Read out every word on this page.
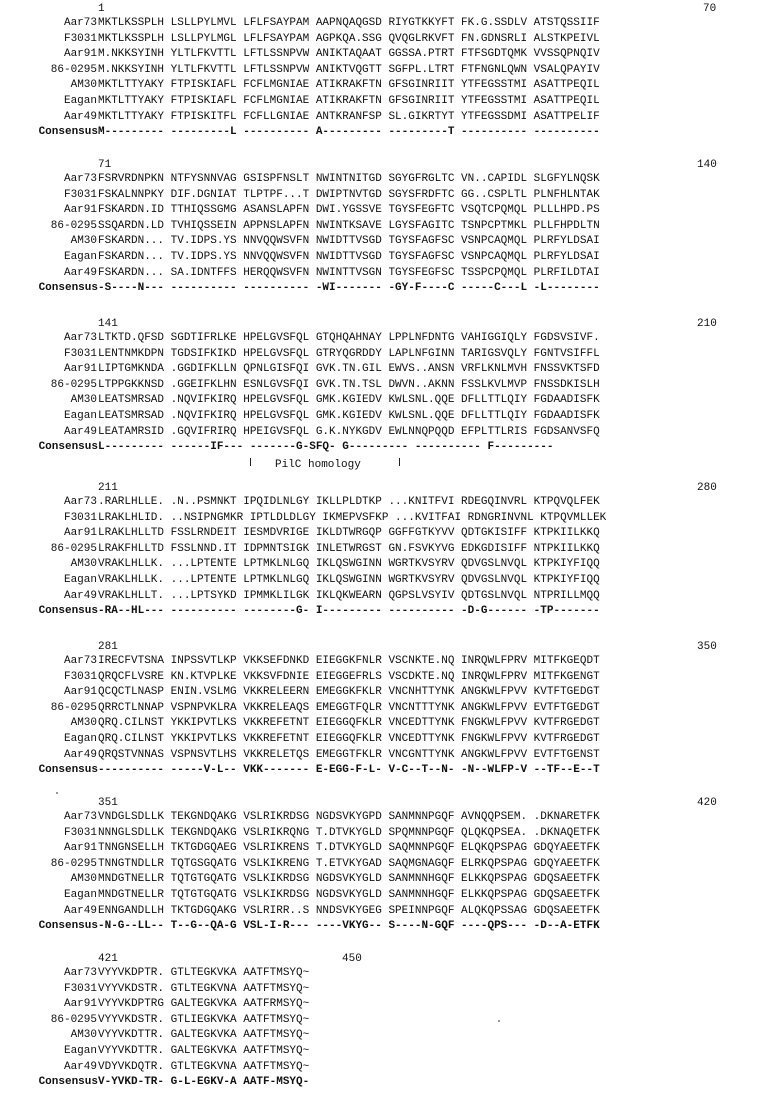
1	70
Aar73 MKTLKSSPLH LSLLPYLMVL LFLFSAYPAM AAPNQAQGSD RIYGTKKYFT FK.G.SSDLV ATSTQSSIIF
F3031 MKTLKSSPLH LSLLPYLMGL LFLFSAYPAM AGPKQA.SSG QVQGLRKVFT FN.GDNSRLI ALSTKPEIVL
Aar91 M.NKKSYINH YLTLFKVTTL LFTLSSNPVW ANIKTAQAAT GGSSA.PTRT FTFSGDTQMK VVSSQPNQIV
86-0295 M.NKKSYINH YLTLFKVTTL LFTLSSNPVW ANIKTVQGTT SGFPL.LTRT FTFNGNLQWN VSALQPAYIV
AM30 MKTLTTYAKY FTPISKIAFL FCFLMGNIAE ATIKRAKFTN GFSGINRIIT YTFEGSSTMI ASATTPEQIL
Eagan MKTLTTYAKY FTPISKIAFL FCFLMGNIAE ATIKRAKFTN GFSGINRIIT YTFEGSSTMI ASATTPEQIL
Aar49 MKTLTTYAKY FTPISKITFL FCFLLGNIAE ANTKRANFSP SL.GIKRTYT YTFEGSSDMI ASATTPELIF
Consensus M--------- ---------L ---------- A--------- ---------T ---------- ----------
71	140
Aar73 FSRVRDNPKN NTFYSNNVAG GSISPFNSLT NWINTNITGD SGYGFRGLTC VN..CAPIDL SLGFYLNQSK
F3031 FSKALNNPKY DIF.DGNIAT TLPTPF...T DWIPTNVTGD SGYSFRDFTC GG..CSPLTL PLNFHLNTAK
Aar91 FSKARDN.ID TTHIQSSGMG ASANSLAPFN DWI.YGSSVE TGYSFEGFTC VSQTCPQMQL PLLLHPD.PS
86-0295 SSQARDN.LD TVHIQSSEIN APPNSLAPFN NWINTKSAVE LGYSFAGITC TSNPCPTMKL PLLFHPDLTN
AM30 FSKARDN... TV.IDPS.YS NNVQQWSVFN NWIDTTVSGD TGYSFAGFSC VSNPCAQMQL PLRFYLDSAI
Eagan FSKARDN... TV.IDPS.YS NNVQQWSVFN NWIDTTVSGD TGYSFAGFSC VSNPCAQMQL PLRFYLDSAI
Aar49 FSKARDN... SA.IDNTFFS HERQQWSVFN NWINTTVSGN TGYSFEGFSC TSSPCPQMQL PLRFILDTAI
Consensus -S----N--- ---------- ---------- -WI------- -GY-F----C -----C---L -L--------
141	210
Aar73 LTKTD.QFSD SGDTIFRLKE HPELGVSFQL GTQHQAHNAY LPPLNFDNTG VAHIGGIQLY FGDSVSIVF.
F3031 LENTNMKDPN TGDSIFKIKD HPELGVSFQL GTRYQGRDDY LAPLNFGINN TARIGSVQLY FGNTVSIFFL
Aar91 LIPTGMKNDA .GGDIFKLLN QPNLGISFQI GVK.TN.GIL EWVS..ANSN VRFLKNLMVH FNSSVKTSFD
86-0295 LTPPGKKNSD .GGEIFKLHN ESNLGVSFQI GVK.TN.TSL DWVN..AKNN FSSLKVLMVP FNSSDKISLH
AM30 LEATSMRSAD .NQVIFKIRQ HPELGVSFQL GMK.KGIEDV KWLSNL.QQE DFLLTTLQIY FGDAADISFK
Eagan LEATSMRSAD .NQVIFKIRQ HPELGVSFQL GMK.KGIEDV KWLSNL.QQE DFLLTTLQIY FGDAADISFK
Aar49 LEATAMRSID .GQVIFRIRQ HPEIGVSFQL G.K.NYKGDV EWLNNQPQQD EFPLTTLRIS FGDSANVSFQ
Consensus L--------- ------IF--- -------G-SFQ- G--------- ---------- F---------
PilC homology
211	280
Aar73 .RARLHLLE. .N..PSMNKT IPQIDLNLGY IKLLPLDTKP ...KNITFVI RDEGQINVRL KTPQVQLFEK
F3031 LRAKLHLID. ..NSIPNGMKR IPTLDLDLGY IKMEPVSFKP ...KVITFAI RDNGRINVNL KTPQVMLLEK
Aar91 LRAKLHLLTD FSSLRNDEIT IESMDVRIGE IKLDTWRGQP GGFFGTKYVV QDTGKISIFF KTPKIILKKQ
86-0295 LRAKFHLLTD FSSLNND.IT IDPMNTSIGK INLETWRGST GN.FSVKYVG EDKGDISIFF NTPKIILKKQ
AM30 VRAKLHLLK. ...LPTENTE LPTMKLNLGQ IKLQSWGINN WGRTKVSYRV QDVGSLNVQL KTPKIYFIQQ
Eagan VRAKLHLLK. ...LPTENTE LPTMKLNLGQ IKLQSWGINN WGRTKVSYRV QDVGSLNVQL KTPKIYFIQQ
Aar49 VRAKLHLLT. ...LPTSYKD IPMMKLILGK IKLQKWEARN QGPSLVSYIV QDTGSLNVQL NTPRILLMQQ
Consensus -RA--HL--- ---------- --------G- I--------- ---------- -D-G------ -TP-------
281	350
Aar73 IRECFVTSNA INPSSVTLKP VKKSEFDNKD EIEGGKFNLR VSCNKTE.NQ INRQWLFPRV MITFKGEQDT
F3031 QRQCFLVSRE KN.KTVPLKE VKKSVFDNIE EIEGGEFRLS VSCDKTE.NQ INRQWLFPRV MITFKGENGT
Aar91 QCQCTLNASP ENIN.VSLMG VKKRELEERN EMEGGKFKLR VNCNHTTYNK ANGKWLFPVV KVTFTGEDGT
86-0295 QRRCTLNNAP VSPNPVKLRA VKKRELEAQS EMEGGTFQLR VNCNTTTYNK ANGKWLFPVV EVTFTGEDGT
AM30 QRQ.CILNST YKKIPVTLKS VKKREFETNT EIEGGQFKLR VNCEDTTYNK FNGKWLFPVV KVTFRGEDGT
Eagan QRQ.CILNST YKKIPVTLKS VKKREFETNT EIEGGQFKLR VNCEDTTYNK FNGKWLFPVV KVTFRGEDGT
Aar49 QRQSTVNNAS VSPNSVTLHS VKKRELETQS EMEGGTFKLR VNCGNTTYNK ANGKWLFPVV EVTFTGENST
Consensus ---------- -----V-L-- VKK------- E-EGG-F-L- V-C--T--N- -N--WLFP-V --TF--E--T
351	420
Aar73 VNDGLSDLLK TEKGNDQAKG VSLRIKRDSG NGDSVKYGPD SANMNNPGQF AVNQQPSEM. .DKNARETFK
F3031 NNNGLSDLLK TEKGNDQAKG VSLRIKRQNG T.DTVKYGLD SPQMNNPGQF QLQKQPSEA. .DKNAQETFK
Aar91 TNNGNSELLH TKTGDGQAEG VSLRIKRENS T.DTVKYGLD SAQMNNPGQF ELQKQPSPAG GDQYAEETFK
86-0295 TNNGTNDLLR TQTGSGQATG VSLKIKRENG T.ETVKYGAD SAQMGNAGQF ELRKQPSPAG GDQYAEETFK
AM30 MNDGTNELLR TQTGTGQATG VSLKIKRDSG NGDSVKYGLD SANMNNHGQF ELKKQPSPAG GDQSAEETFK
Eagan MNDGTNELLR TQTGTGQATG VSLKIKRDSG NGDSVKYGLD SANMNNHGQF ELKKQPSPAG GDQSAEETFK
Aar49 ENNGANDLLH TKTGDGQAKG VSLRIRR..S NNDSVKYGEG SPEINNPGQF ALQKQPSSAG GDQSAEETFK
Consensus -N-G--LL-- T--G--QA-G VSL-I-R--- ----VKYG-- S----N-GQF ----QPS--- -D--A-ETFK
421	450
Aar73 VYYVKDPTR. GTLTEGKVKA AATFTMSYQ~
F3031 VYYVKDSTR. GTLTEGKVNA AATFTMSYQ~
Aar91 VYYVKDPTRG GALTEGKVKA AATFRMSYQ~
86-0295 VYYVKDSTR. GTLIEGKVKA AATFTMSYQ~
AM30 VYYVKDTTR. GALTEGKVKA AATFTMSYQ~
Eagan VYYVKDTTR. GALTEGKVKA AATFTMSYQ~
Aar49 VDYVKDQTR. GTLTEGKVNA AATFTMSYQ~
Consensus V-YVKD-TR- G-L-EGKV-A AATF-MSYQ-
